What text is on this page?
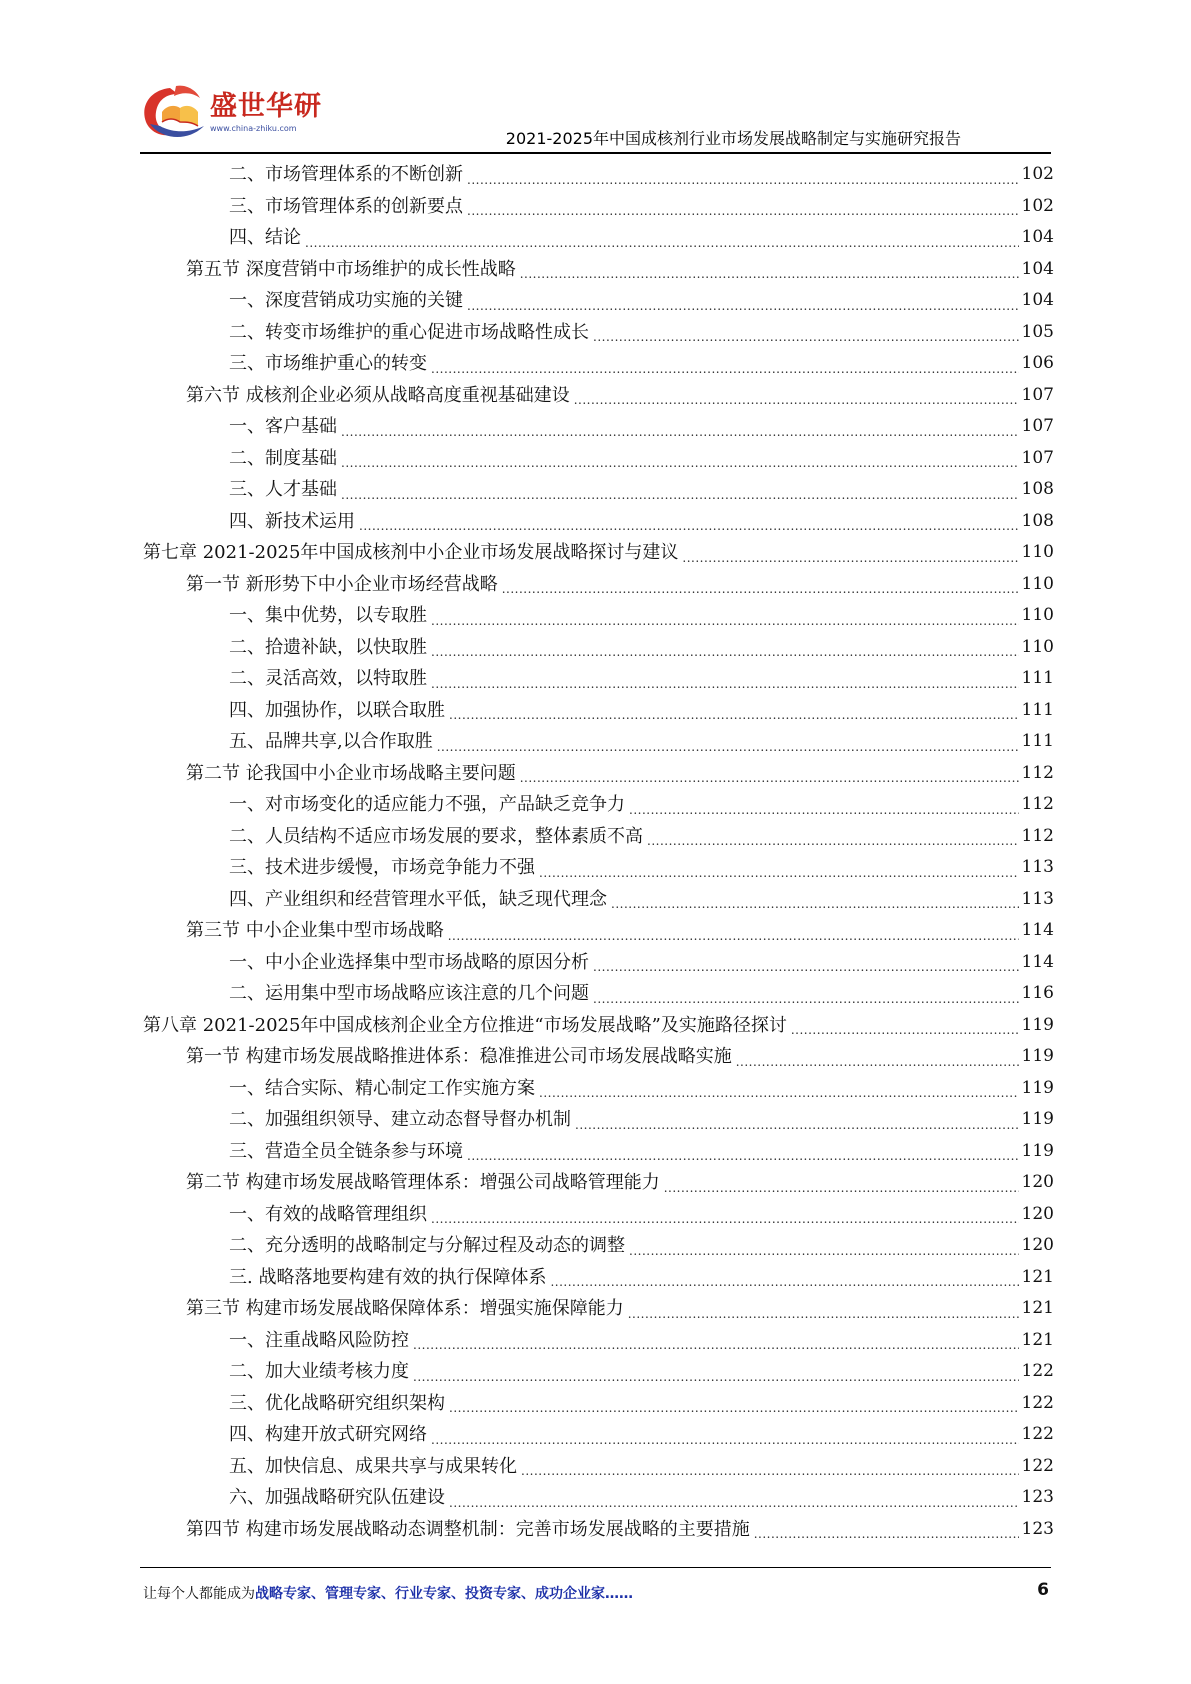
盛世华研
www.china-zhiku.com
2021-2025年中国成核剂行业市场发展战略制定与实施研究报告
二、市场管理体系的不断创新 .....	102
三、市场管理体系的创新要点 .....	102
四、结论 .....	104
第五节 深度营销中市场维护的成长性战略 .....	104
一、深度营销成功实施的关键 .....	104
二、转变市场维护的重心促进市场战略性成长 .....	105
三、市场维护重心的转变 .....	106
第六节 成核剂企业必须从战略高度重视基础建设 .....	107
一、客户基础 .....	107
二、制度基础 .....	107
三、人才基础 .....	108
四、新技术运用 .....	108
第七章 2021-2025年中国成核剂中小企业市场发展战略探讨与建议 .....	110
第一节 新形势下中小企业市场经营战略 .....	110
一、集中优势，以专取胜 .....	110
二、拾遗补缺，以快取胜 .....	110
二、灵活高效，以特取胜 .....	111
四、加强协作，以联合取胜 .....	111
五、品牌共享,以合作取胜 .....	111
第二节 论我国中小企业市场战略主要问题 .....	112
一、对市场变化的适应能力不强，产品缺乏竞争力 .....	112
二、人员结构不适应市场发展的要求，整体素质不高 .....	112
三、技术进步缓慢，市场竞争能力不强 .....	113
四、产业组织和经营管理水平低，缺乏现代理念 .....	113
第三节 中小企业集中型市场战略 .....	114
一、中小企业选择集中型市场战略的原因分析 .....	114
二、运用集中型市场战略应该注意的几个问题 .....	116
第八章 2021-2025年中国成核剂企业全方位推进“市场发展战略”及实施路径探讨 .....	119
第一节 构建市场发展战略推进体系：稳准推进公司市场发展战略实施 .....	119
一、结合实际、精心制定工作实施方案 .....	119
二、加强组织领导、建立动态督导督办机制 .....	119
三、营造全员全链条参与环境 .....	119
第二节 构建市场发展战略管理体系：增强公司战略管理能力 .....	120
一、有效的战略管理组织 .....	120
二、充分透明的战略制定与分解过程及动态的调整 .....	120
三. 战略落地要构建有效的执行保障体系 .....	121
第三节 构建市场发展战略保障体系：增强实施保障能力 .....	121
一、注重战略风险防控 .....	121
二、加大业绩考核力度 .....	122
三、优化战略研究组织架构 .....	122
四、构建开放式研究网络 .....	122
五、加快信息、成果共享与成果转化 .....	122
六、加强战略研究队伍建设 .....	123
第四节 构建市场发展战略动态调整机制：完善市场发展战略的主要措施 .....	123
让每个人都能成为战略专家、管理专家、行业专家、投资专家、成功企业家……	6
